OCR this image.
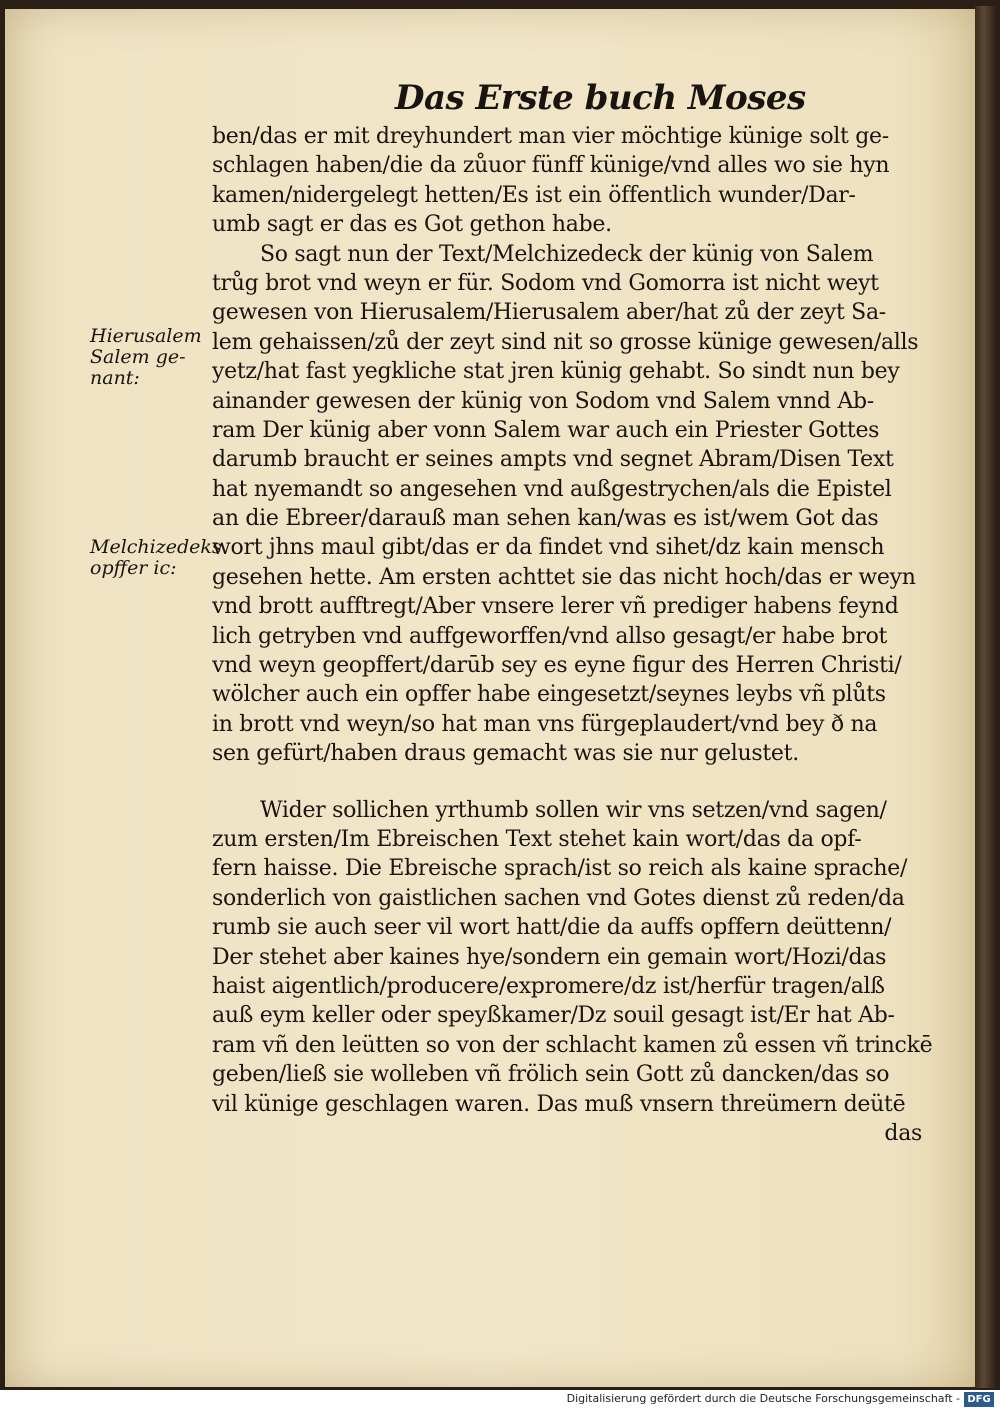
Das Erste buch Moses
Hierusalem
Salem ge-
nant:
Melchizedeks
opffer ic:
ben/das er mit dreyhundert man vier möchtige künige solt ge-
schlagen haben/die da zůuor fünff künige/vnd alles wo sie hyn
kamen/nidergelegt hetten/Es ist ein öffentlich wunder/Dar-
umb sagt er das es Got gethon habe.
So sagt nun der Text/Melchizedeck der künig von Salem
trůg brot vnd weyn er für. Sodom vnd Gomorra ist nicht weyt
gewesen von Hierusalem/Hierusalem aber/hat zů der zeyt Sa-
lem gehaissen/zů der zeyt sind nit so grosse künige gewesen/alls
yetz/hat fast yegkliche stat jren künig gehabt. So sindt nun bey
ainander gewesen der künig von Sodom vnd Salem vnnd Ab-
ram Der künig aber vonn Salem war auch ein Priester Gottes
darumb braucht er seines ampts vnd segnet Abram/Disen Text
hat nyemandt so angesehen vnd außgestrychen/als die Epistel
an die Ebreer/darauß man sehen kan/was es ist/wem Got das
wort jhns maul gibt/das er da findet vnd sihet/dz kain mensch
gesehen hette. Am ersten achttet sie das nicht hoch/das er weyn
vnd brott aufftregt/Aber vnsere lerer vñ prediger habens feynd
lich getryben vnd auffgeworffen/vnd allso gesagt/er habe brot
vnd weyn geopffert/darūb sey es eyne figur des Herren Christi/
wölcher auch ein opffer habe eingesetzt/seynes leybs vñ plůts
in brott vnd weyn/so hat man vns fürgeplaudert/vnd bey ð na
sen gefürt/haben draus gemacht was sie nur gelustet.
Wider sollichen yrthumb sollen wir vns setzen/vnd sagen/
zum ersten/Im Ebreischen Text stehet kain wort/das da opf-
fern haisse. Die Ebreische sprach/ist so reich als kaine sprache/
sonderlich von gaistlichen sachen vnd Gotes dienst zů reden/da
rumb sie auch seer vil wort hatt/die da auffs opffern deüttenn/
Der stehet aber kaines hye/sondern ein gemain wort/Hozi/das
haist aigentlich/producere/expromere/dz ist/herfür tragen/alß
auß eym keller oder speyßkamer/Dz souil gesagt ist/Er hat Ab-
ram vñ den leütten so von der schlacht kamen zů essen vñ trinckē
geben/ließ sie wolleben vñ frölich sein Gott zů dancken/das so
vil künige geschlagen waren. Das muß vnsern threümern deütē
das
Digitalisierung gefördert durch die Deutsche Forschungsgemeinschaft - DFG
